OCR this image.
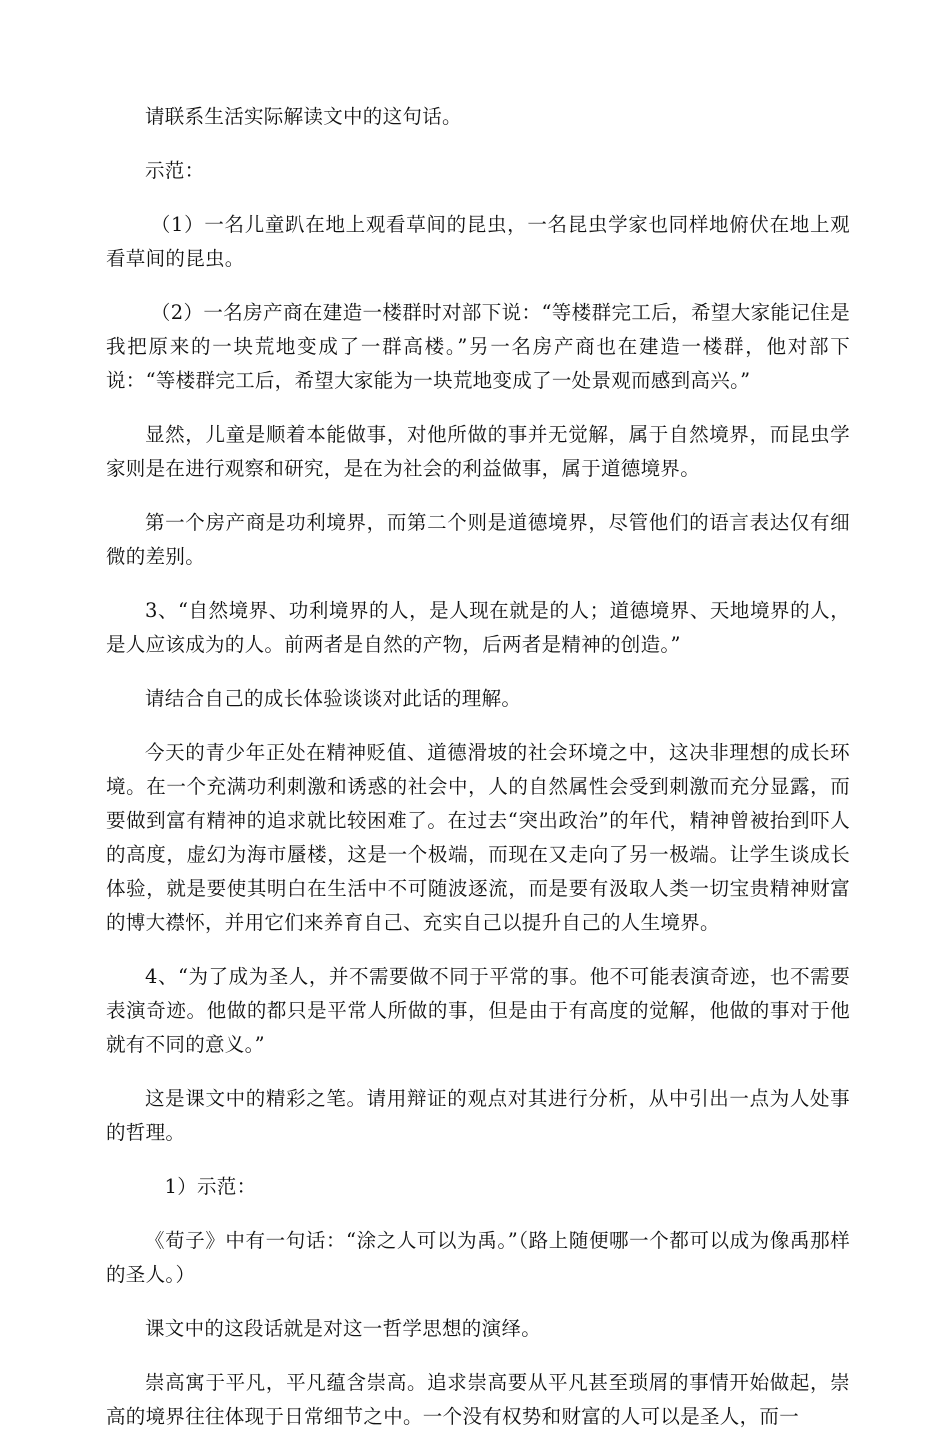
请联系生活实际解读文中的这句话。

示范：

（1）一名儿童趴在地上观看草间的昆虫，一名昆虫学家也同样地俯伏在地上观看草间的昆虫。

（2）一名房产商在建造一楼群时对部下说：“等楼群完工后，希望大家能记住是我把原来的一块荒地变成了一群高楼。”另一名房产商也在建造一楼群，他对部下说：“等楼群完工后，希望大家能为一块荒地变成了一处景观而感到高兴。”

显然，儿童是顺着本能做事，对他所做的事并无觉解，属于自然境界，而昆虫学家则是在进行观察和研究，是在为社会的利益做事，属于道德境界。

第一个房产商是功利境界，而第二个则是道德境界，尽管他们的语言表达仅有细微的差别。

3、“自然境界、功利境界的人，是人现在就是的人；道德境界、天地境界的人，是人应该成为的人。前两者是自然的产物，后两者是精神的创造。”

请结合自己的成长体验谈谈对此话的理解。

今天的青少年正处在精神贬值、道德滑坡的社会环境之中，这决非理想的成长环境。在一个充满功利刺激和诱惑的社会中，人的自然属性会受到刺激而充分显露，而要做到富有精神的追求就比较困难了。在过去“突出政治”的年代，精神曾被抬到吓人的高度，虚幻为海市蜃楼，这是一个极端，而现在又走向了另一极端。让学生谈成长体验，就是要使其明白在生活中不可随波逐流，而是要有汲取人类一切宝贵精神财富的博大襟怀，并用它们来养育自己、充实自己以提升自己的人生境界。

4、“为了成为圣人，并不需要做不同于平常的事。他不可能表演奇迹，也不需要表演奇迹。他做的都只是平常人所做的事，但是由于有高度的觉解，他做的事对于他就有不同的意义。”

这是课文中的精彩之笔。请用辩证的观点对其进行分析，从中引出一点为人处事的哲理。

1）示范：

《荀子》中有一句话：“涂之人可以为禹。”（路上随便哪一个都可以成为像禹那样的圣人。）

课文中的这段话就是对这一哲学思想的演绎。

崇高寓于平凡，平凡蕴含崇高。追求崇高要从平凡甚至琐屑的事情开始做起，崇高的境界往往体现于日常细节之中。一个没有权势和财富的人可以是圣人，而一
